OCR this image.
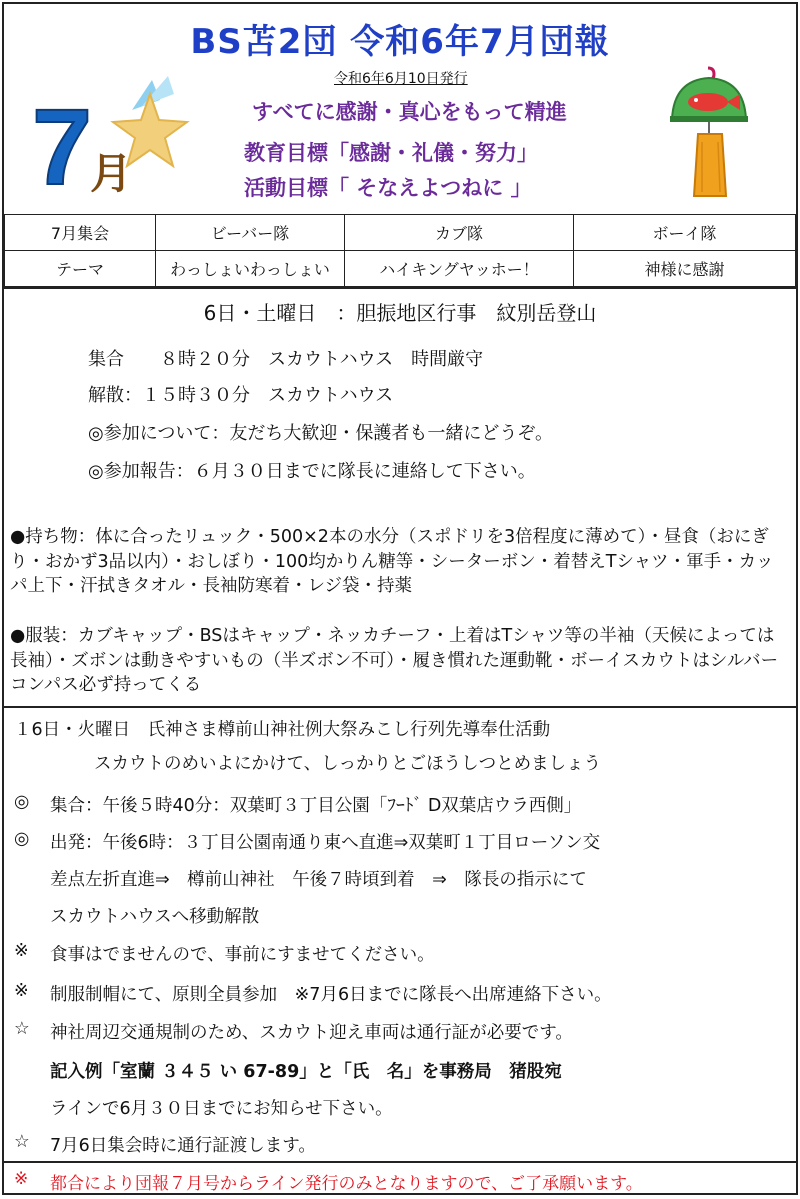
BS苫2団 令和6年7月団報
令和6年6月10日発行
すべてに感謝・真心をもって精進
教育目標「感謝・礼儀・努力」
活動目標「 そなえよつねに 」
7
月
7月集会	ビーバー隊	カブ隊	ボーイ隊
テーマ	わっしょいわっしょい	ハイキングヤッホー！	神様に感謝
6日・土曜日　：胆振地区行事　紋別岳登山
集合　　８時２０分　スカウトハウス　時間厳守
解散：１５時３０分　スカウトハウス
◎参加について：友だち大歓迎・保護者も一緒にどうぞ。
◎参加報告：６月３０日までに隊長に連絡して下さい。
●持ち物：体に合ったリュック・500×2本の水分（スポドリを3倍程度に薄めて）・昼食（おにぎり・おかず3品以内）・おしぼり・100均かりん糖等・シーターボン・着替えTシャツ・軍手・カッパ上下・汗拭きタオル・長袖防寒着・レジ袋・持薬
●服装：カブキャップ・BSはキャップ・ネッカチーフ・上着はTシャツ等の半袖（天候によっては長袖）・ズボンは動きやすいもの（半ズボン不可）・履き慣れた運動靴・ボーイスカウトはシルバーコンパス必ず持ってくる
１6日・火曜日　氏神さま樽前山神社例大祭みこし行列先導奉仕活動
スカウトのめいよにかけて、しっかりとごほうしつとめましょう
◎ 集合：午後５時40分：双葉町３丁目公園「ﾌｰﾄﾞ D双葉店ウラ西側」
◎ 出発：午後6時：３丁目公園南通り東へ直進⇒双葉町１丁目ローソン交
差点左折直進⇒　樽前山神社　午後７時頃到着　⇒　隊長の指示にて
スカウトハウスへ移動解散
※ 食事はでませんので、事前にすませてください。
※ 制服制帽にて、原則全員参加　※7月6日までに隊長へ出席連絡下さい。
☆ 神社周辺交通規制のため、スカウト迎え車両は通行証が必要です。
記入例「室蘭 ３４５ い 67-89」と「氏　名」を事務局　猪股宛
ラインで6月３０日までにお知らせ下さい。
☆ 7月6日集会時に通行証渡します。
※ 都合により団報７月号からライン発行のみとなりますので、ご了承願います。
